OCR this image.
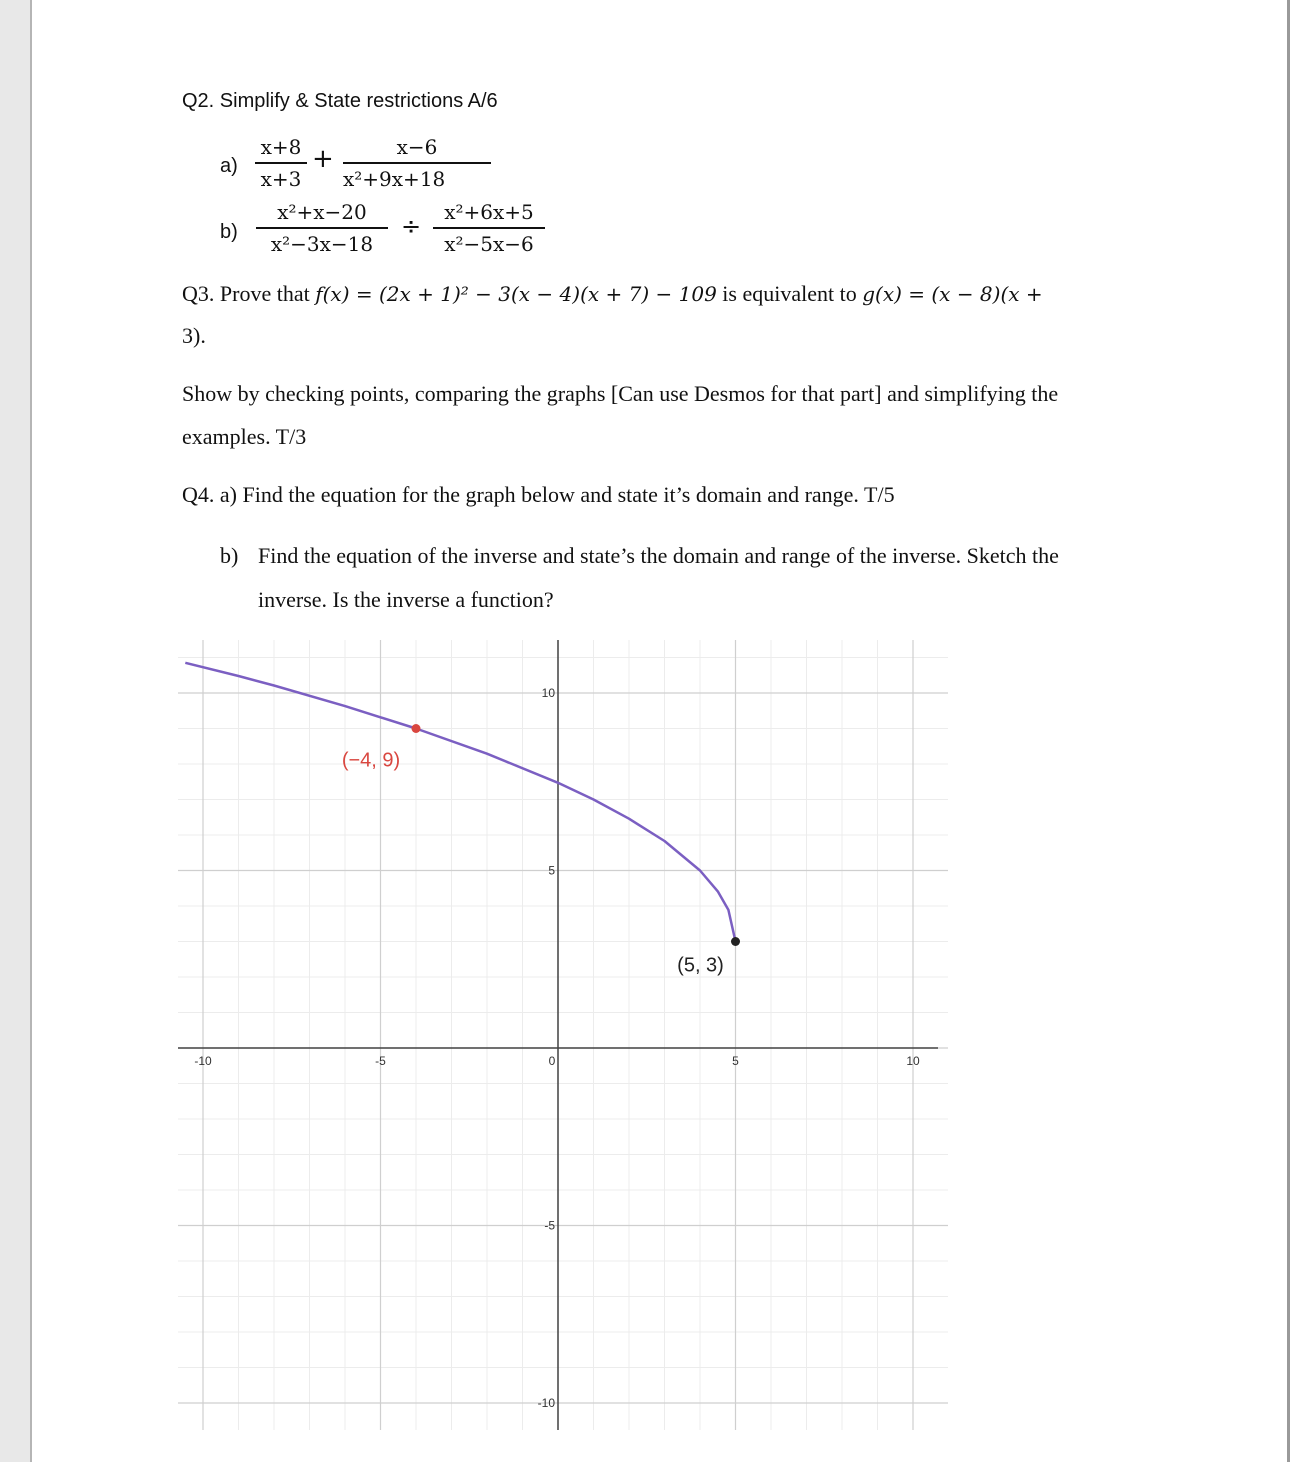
Q2. Simplify & State restrictions A/6
a)
x+8
x+3
+	x−6
x²+9x+18
b)
x²+x−20
x²−3x−18
÷	x²+6x+5
x²−5x−6
Q3. Prove that f(x) = (2x + 1)² − 3(x − 4)(x + 7) − 109 is equivalent to g(x) = (x − 8)(x +
3).
Show by checking points, comparing the graphs [Can use Desmos for that part] and simplifying the
examples. T/3
Q4. a) Find the equation for the graph below and state it’s domain and range. T/5
b) Find the equation of the inverse and state’s the domain and range of the inverse. Sketch the
inverse. Is the inverse a function?
-10	-5	0	5	10
10
5
-5
-10
(−4, 9)
(5, 3)
